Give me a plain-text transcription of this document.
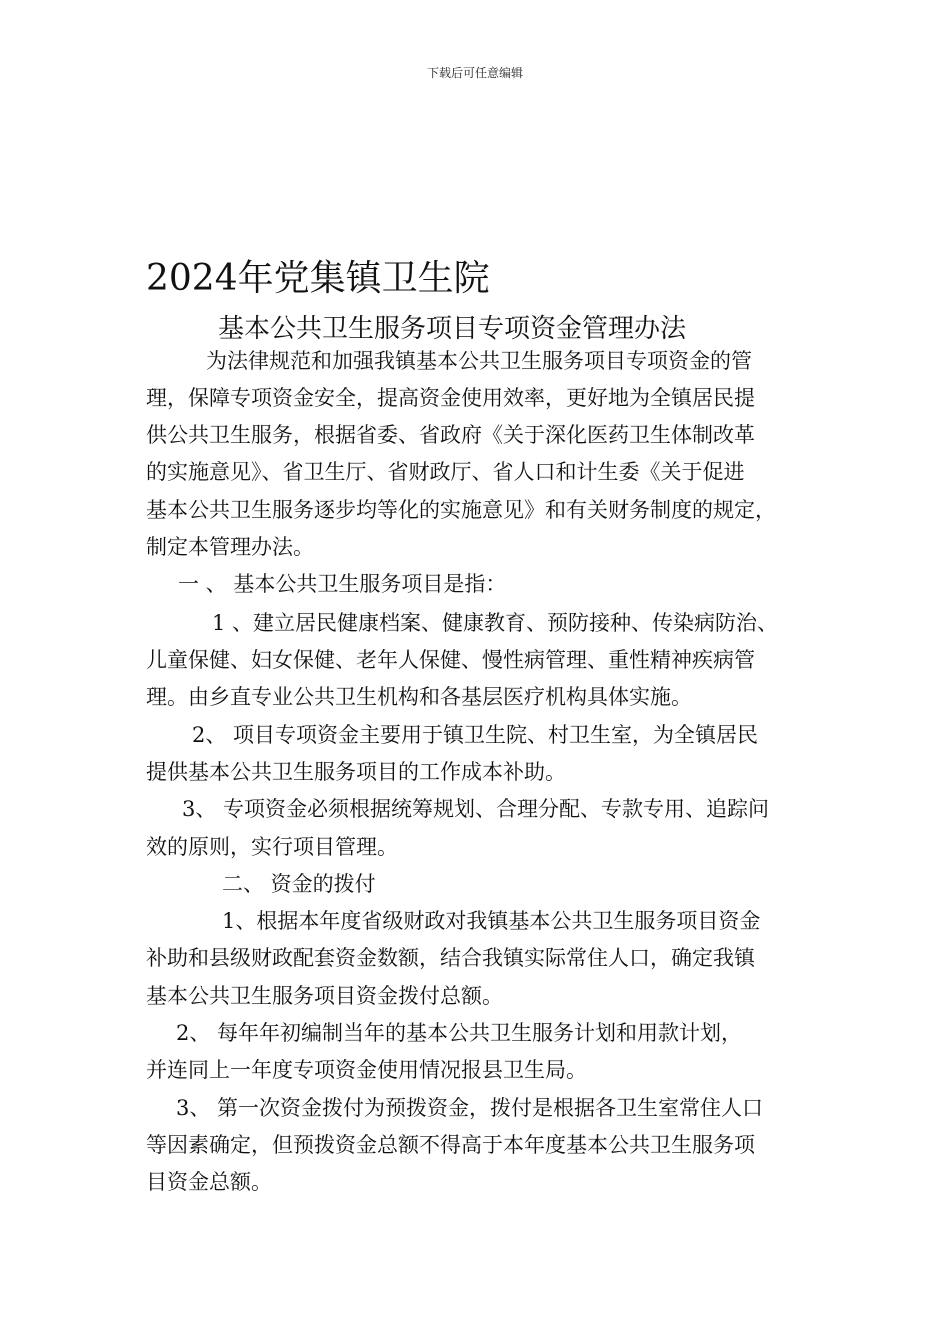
下载后可任意编辑
2024年党集镇卫生院
基本公共卫生服务项目专项资金管理办法
为法律规范和加强我镇基本公共卫生服务项目专项资金的管
理，保障专项资金安全，提高资金使用效率，更好地为全镇居民提
供公共卫生服务，根据省委、省政府《关于深化医药卫生体制改革
的实施意见》、省卫生厅、省财政厅、省人口和计生委《关于促进
基本公共卫生服务逐步均等化的实施意见》和有关财务制度的规定，
制定本管理办法。
一 、 基本公共卫生服务项目是指：
1 、建立居民健康档案、健康教育、预防接种、传染病防治、
儿童保健、妇女保健、老年人保健、慢性病管理、重性精神疾病管
理。由乡直专业公共卫生机构和各基层医疗机构具体实施。
2、 项目专项资金主要用于镇卫生院、村卫生室，为全镇居民
提供基本公共卫生服务项目的工作成本补助。
3、 专项资金必须根据统筹规划、合理分配、专款专用、追踪问
效的原则，实行项目管理。
二、 资金的拨付
1、根据本年度省级财政对我镇基本公共卫生服务项目资金
补助和县级财政配套资金数额，结合我镇实际常住人口，确定我镇
基本公共卫生服务项目资金拨付总额。
2、 每年年初编制当年的基本公共卫生服务计划和用款计划，
并连同上一年度专项资金使用情况报县卫生局。
3、 第一次资金拨付为预拨资金，拨付是根据各卫生室常住人口
等因素确定，但预拨资金总额不得高于本年度基本公共卫生服务项
目资金总额。
